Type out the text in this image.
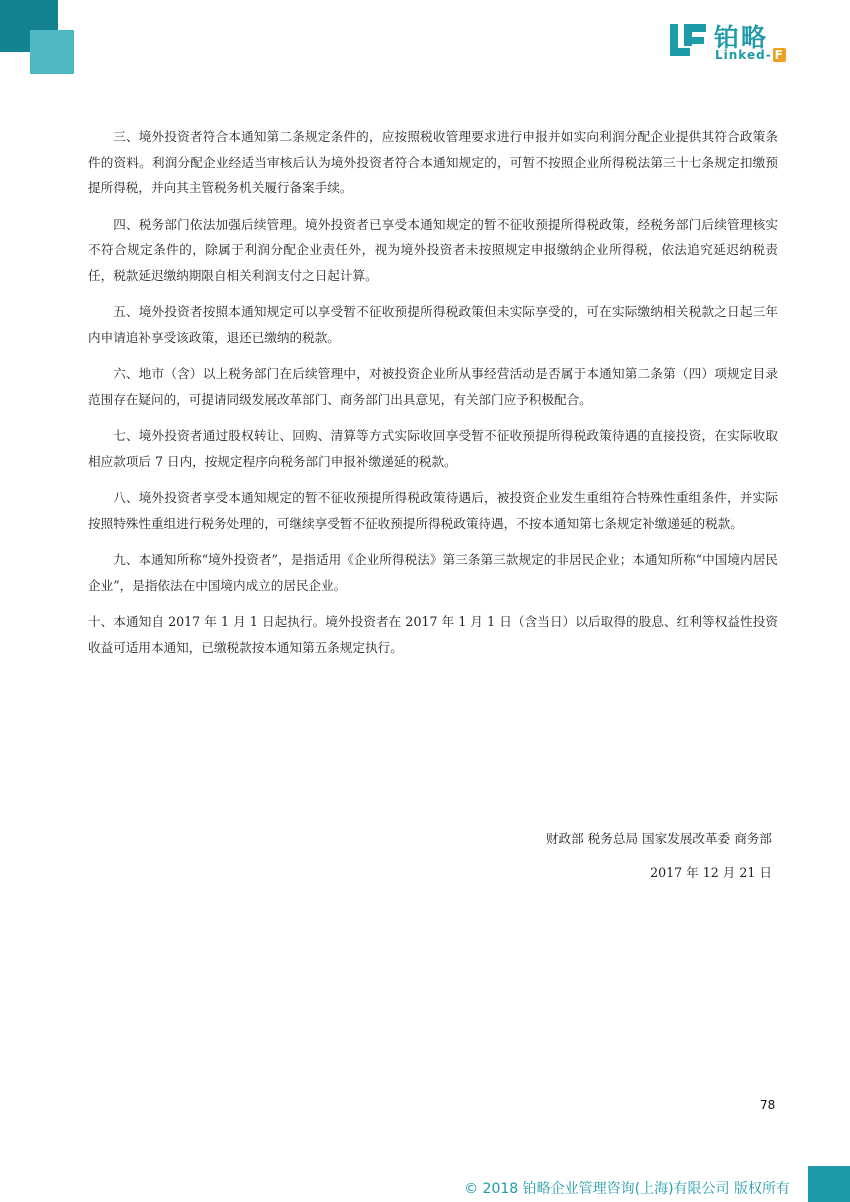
铂略
Linked- F

三、境外投资者符合本通知第二条规定条件的，应按照税收管理要求进行申报并如实向利润分配企业提供其符合政策条件的资料。利润分配企业经适当审核后认为境外投资者符合本通知规定的，可暂不按照企业所得税法第三十七条规定扣缴预提所得税，并向其主管税务机关履行备案手续。

四、税务部门依法加强后续管理。境外投资者已享受本通知规定的暂不征收预提所得税政策，经税务部门后续管理核实不符合规定条件的，除属于利润分配企业责任外，视为境外投资者未按照规定申报缴纳企业所得税，依法追究延迟纳税责任，税款延迟缴纳期限自相关利润支付之日起计算。

五、境外投资者按照本通知规定可以享受暂不征收预提所得税政策但未实际享受的，可在实际缴纳相关税款之日起三年内申请追补享受该政策，退还已缴纳的税款。

六、地市（含）以上税务部门在后续管理中，对被投资企业所从事经营活动是否属于本通知第二条第（四）项规定目录范围存在疑问的，可提请同级发展改革部门、商务部门出具意见，有关部门应予积极配合。

七、境外投资者通过股权转让、回购、清算等方式实际收回享受暂不征收预提所得税政策待遇的直接投资，在实际收取相应款项后 7 日内，按规定程序向税务部门申报补缴递延的税款。

八、境外投资者享受本通知规定的暂不征收预提所得税政策待遇后，被投资企业发生重组符合特殊性重组条件，并实际按照特殊性重组进行税务处理的，可继续享受暂不征收预提所得税政策待遇，不按本通知第七条规定补缴递延的税款。

九、本通知所称“境外投资者”，是指适用《企业所得税法》第三条第三款规定的非居民企业；本通知所称“中国境内居民企业”，是指依法在中国境内成立的居民企业。

十、本通知自 2017 年 1 月 1 日起执行。境外投资者在 2017 年 1 月 1 日（含当日）以后取得的股息、红利等权益性投资收益可适用本通知，已缴税款按本通知第五条规定执行。

财政部 税务总局 国家发展改革委 商务部
2017 年 12 月 21 日
78
© 2018 铂略企业管理咨询(上海)有限公司 版权所有
